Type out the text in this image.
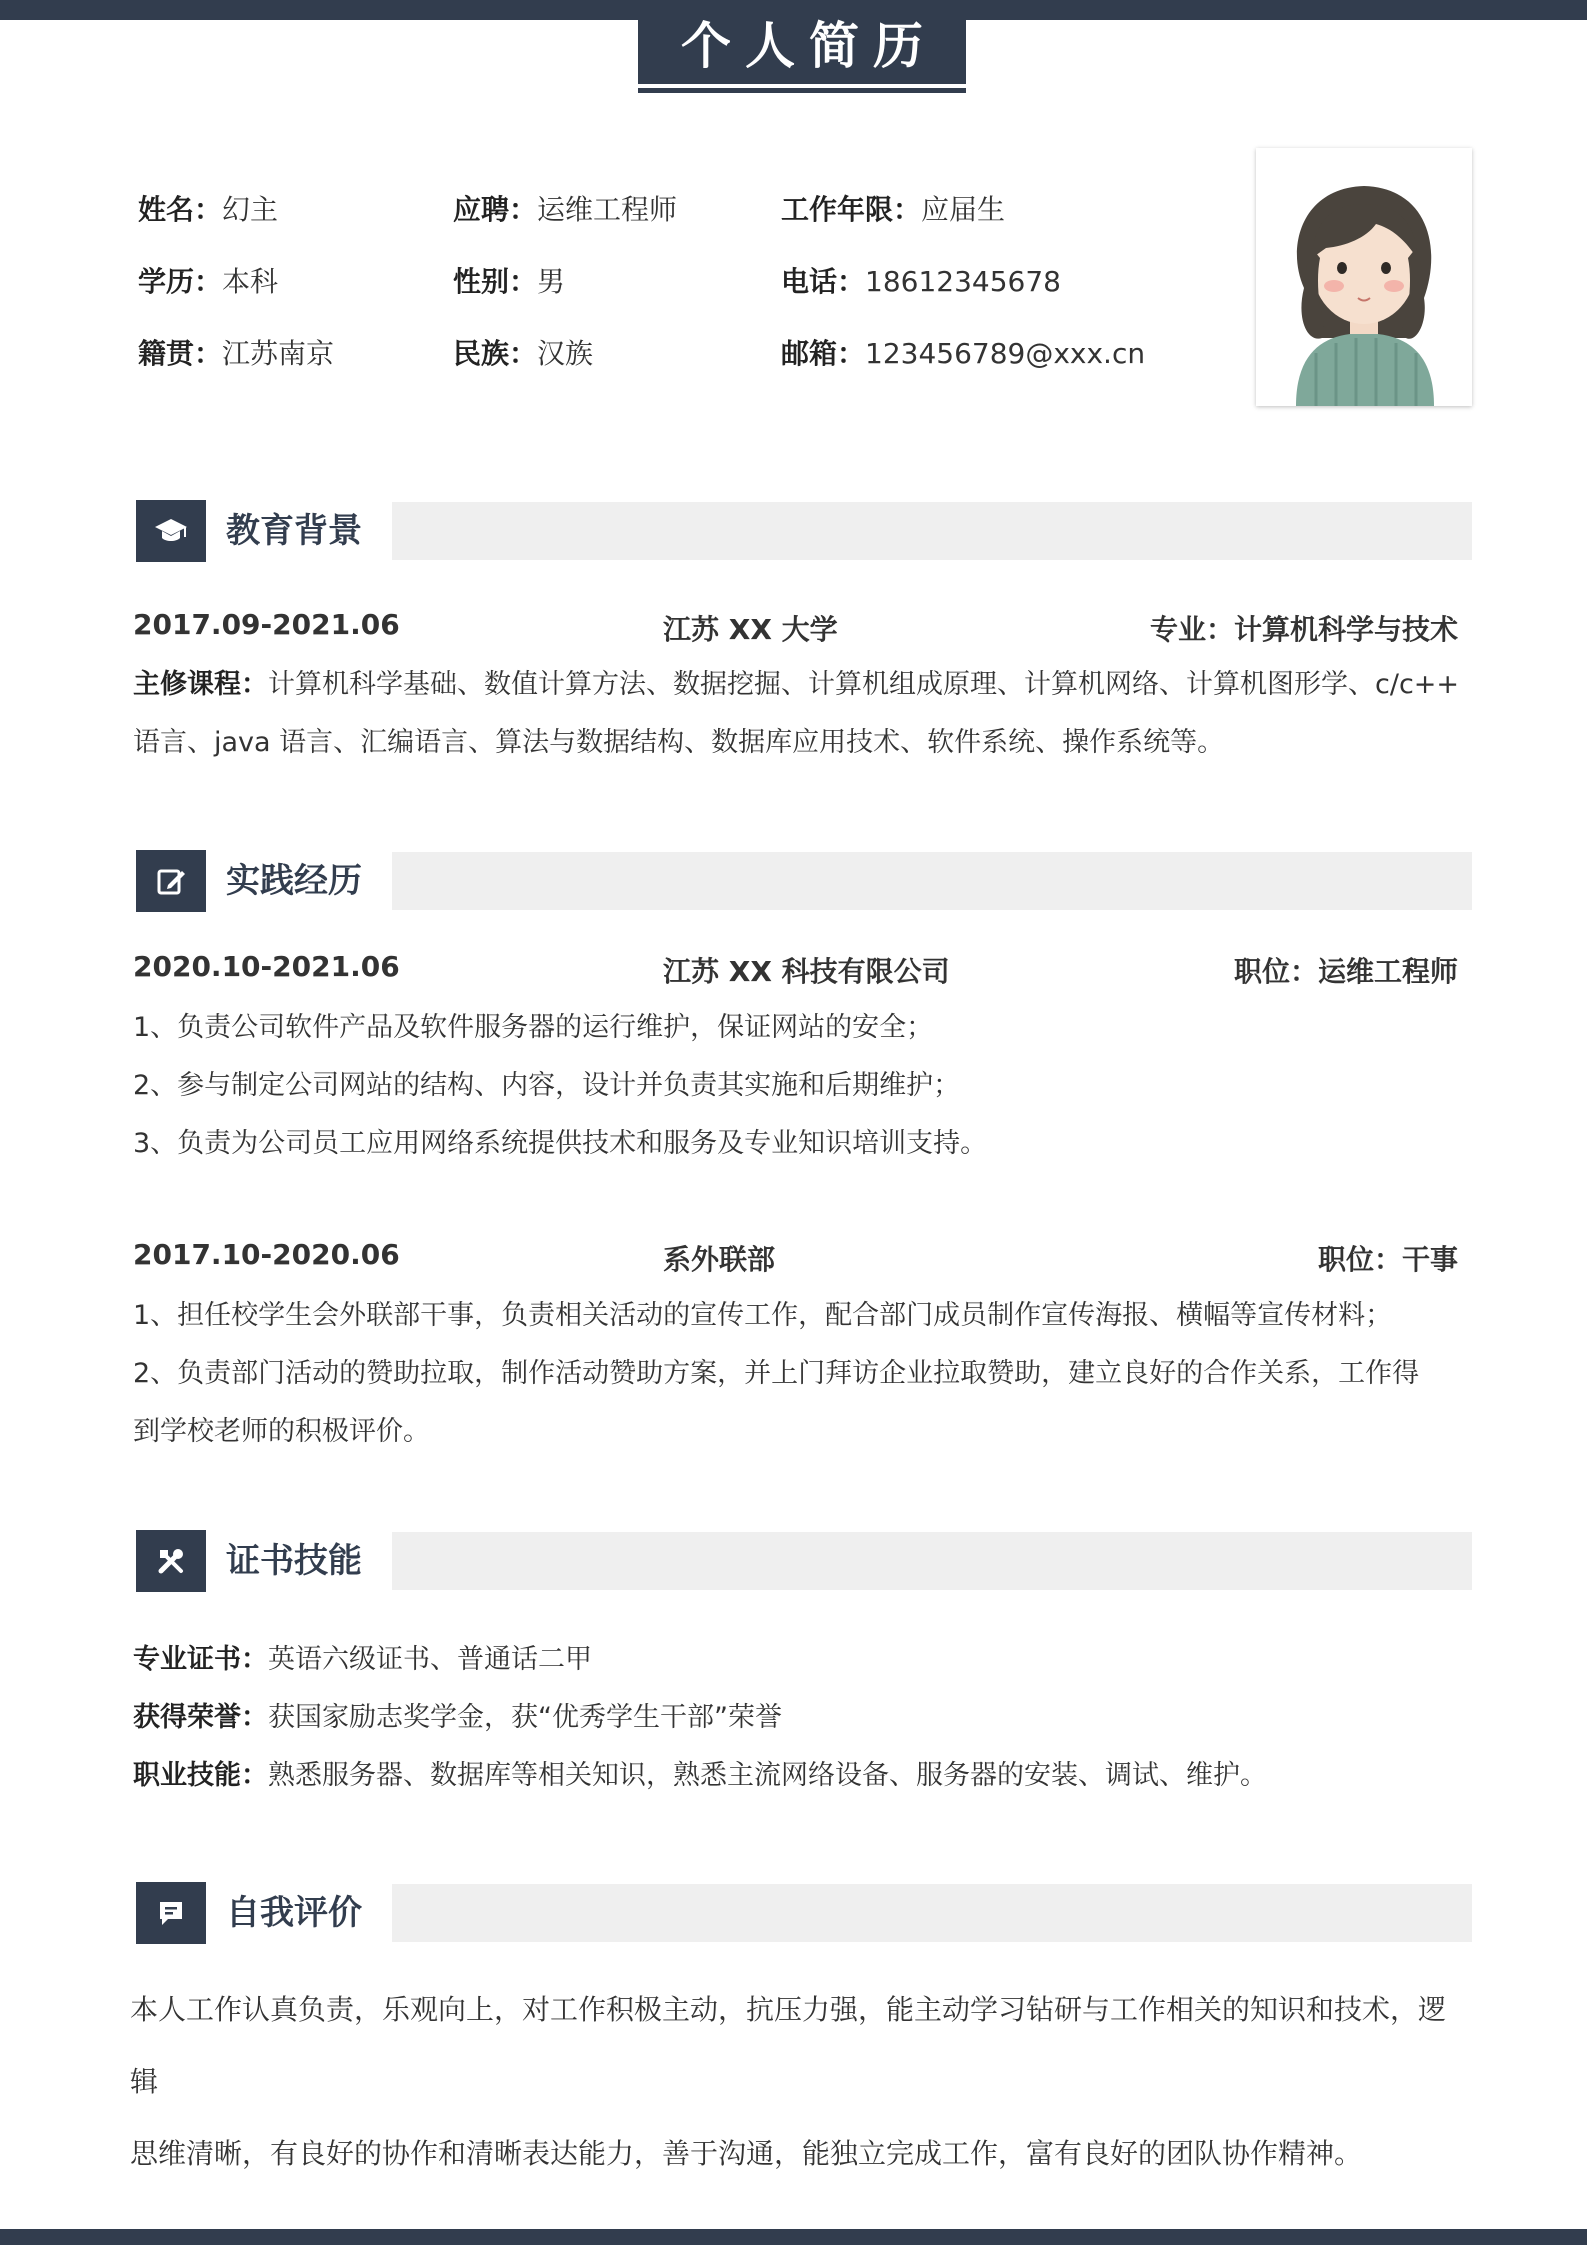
个人简历
姓名：幻主	应聘：运维工程师	工作年限：应届生
学历：本科	性别：男	电话：18612345678
籍贯：江苏南京	民族：汉族	邮箱：123456789@xxx.cn
教育背景
2017.09-2021.06	江苏 XX 大学	专业：计算机科学与技术
主修课程：计算机科学基础、数值计算方法、数据挖掘、计算机组成原理、计算机网络、计算机图形学、c/c++
语言、java 语言、汇编语言、算法与数据结构、数据库应用技术、软件系统、操作系统等。
实践经历
2020.10-2021.06	江苏 XX 科技有限公司	职位：运维工程师
1、负责公司软件产品及软件服务器的运行维护，保证网站的安全；
2、参与制定公司网站的结构、内容，设计并负责其实施和后期维护；
3、负责为公司员工应用网络系统提供技术和服务及专业知识培训支持。
2017.10-2020.06	系外联部	职位：干事
1、担任校学生会外联部干事，负责相关活动的宣传工作，配合部门成员制作宣传海报、横幅等宣传材料；
2、负责部门活动的赞助拉取，制作活动赞助方案，并上门拜访企业拉取赞助，建立良好的合作关系，工作得
到学校老师的积极评价。
证书技能
专业证书：英语六级证书、普通话二甲
获得荣誉：获国家励志奖学金，获“优秀学生干部”荣誉
职业技能：熟悉服务器、数据库等相关知识，熟悉主流网络设备、服务器的安装、调试、维护。
自我评价
本人工作认真负责，乐观向上，对工作积极主动，抗压力强，能主动学习钻研与工作相关的知识和技术，逻辑
思维清晰，有良好的协作和清晰表达能力，善于沟通，能独立完成工作，富有良好的团队协作精神。
